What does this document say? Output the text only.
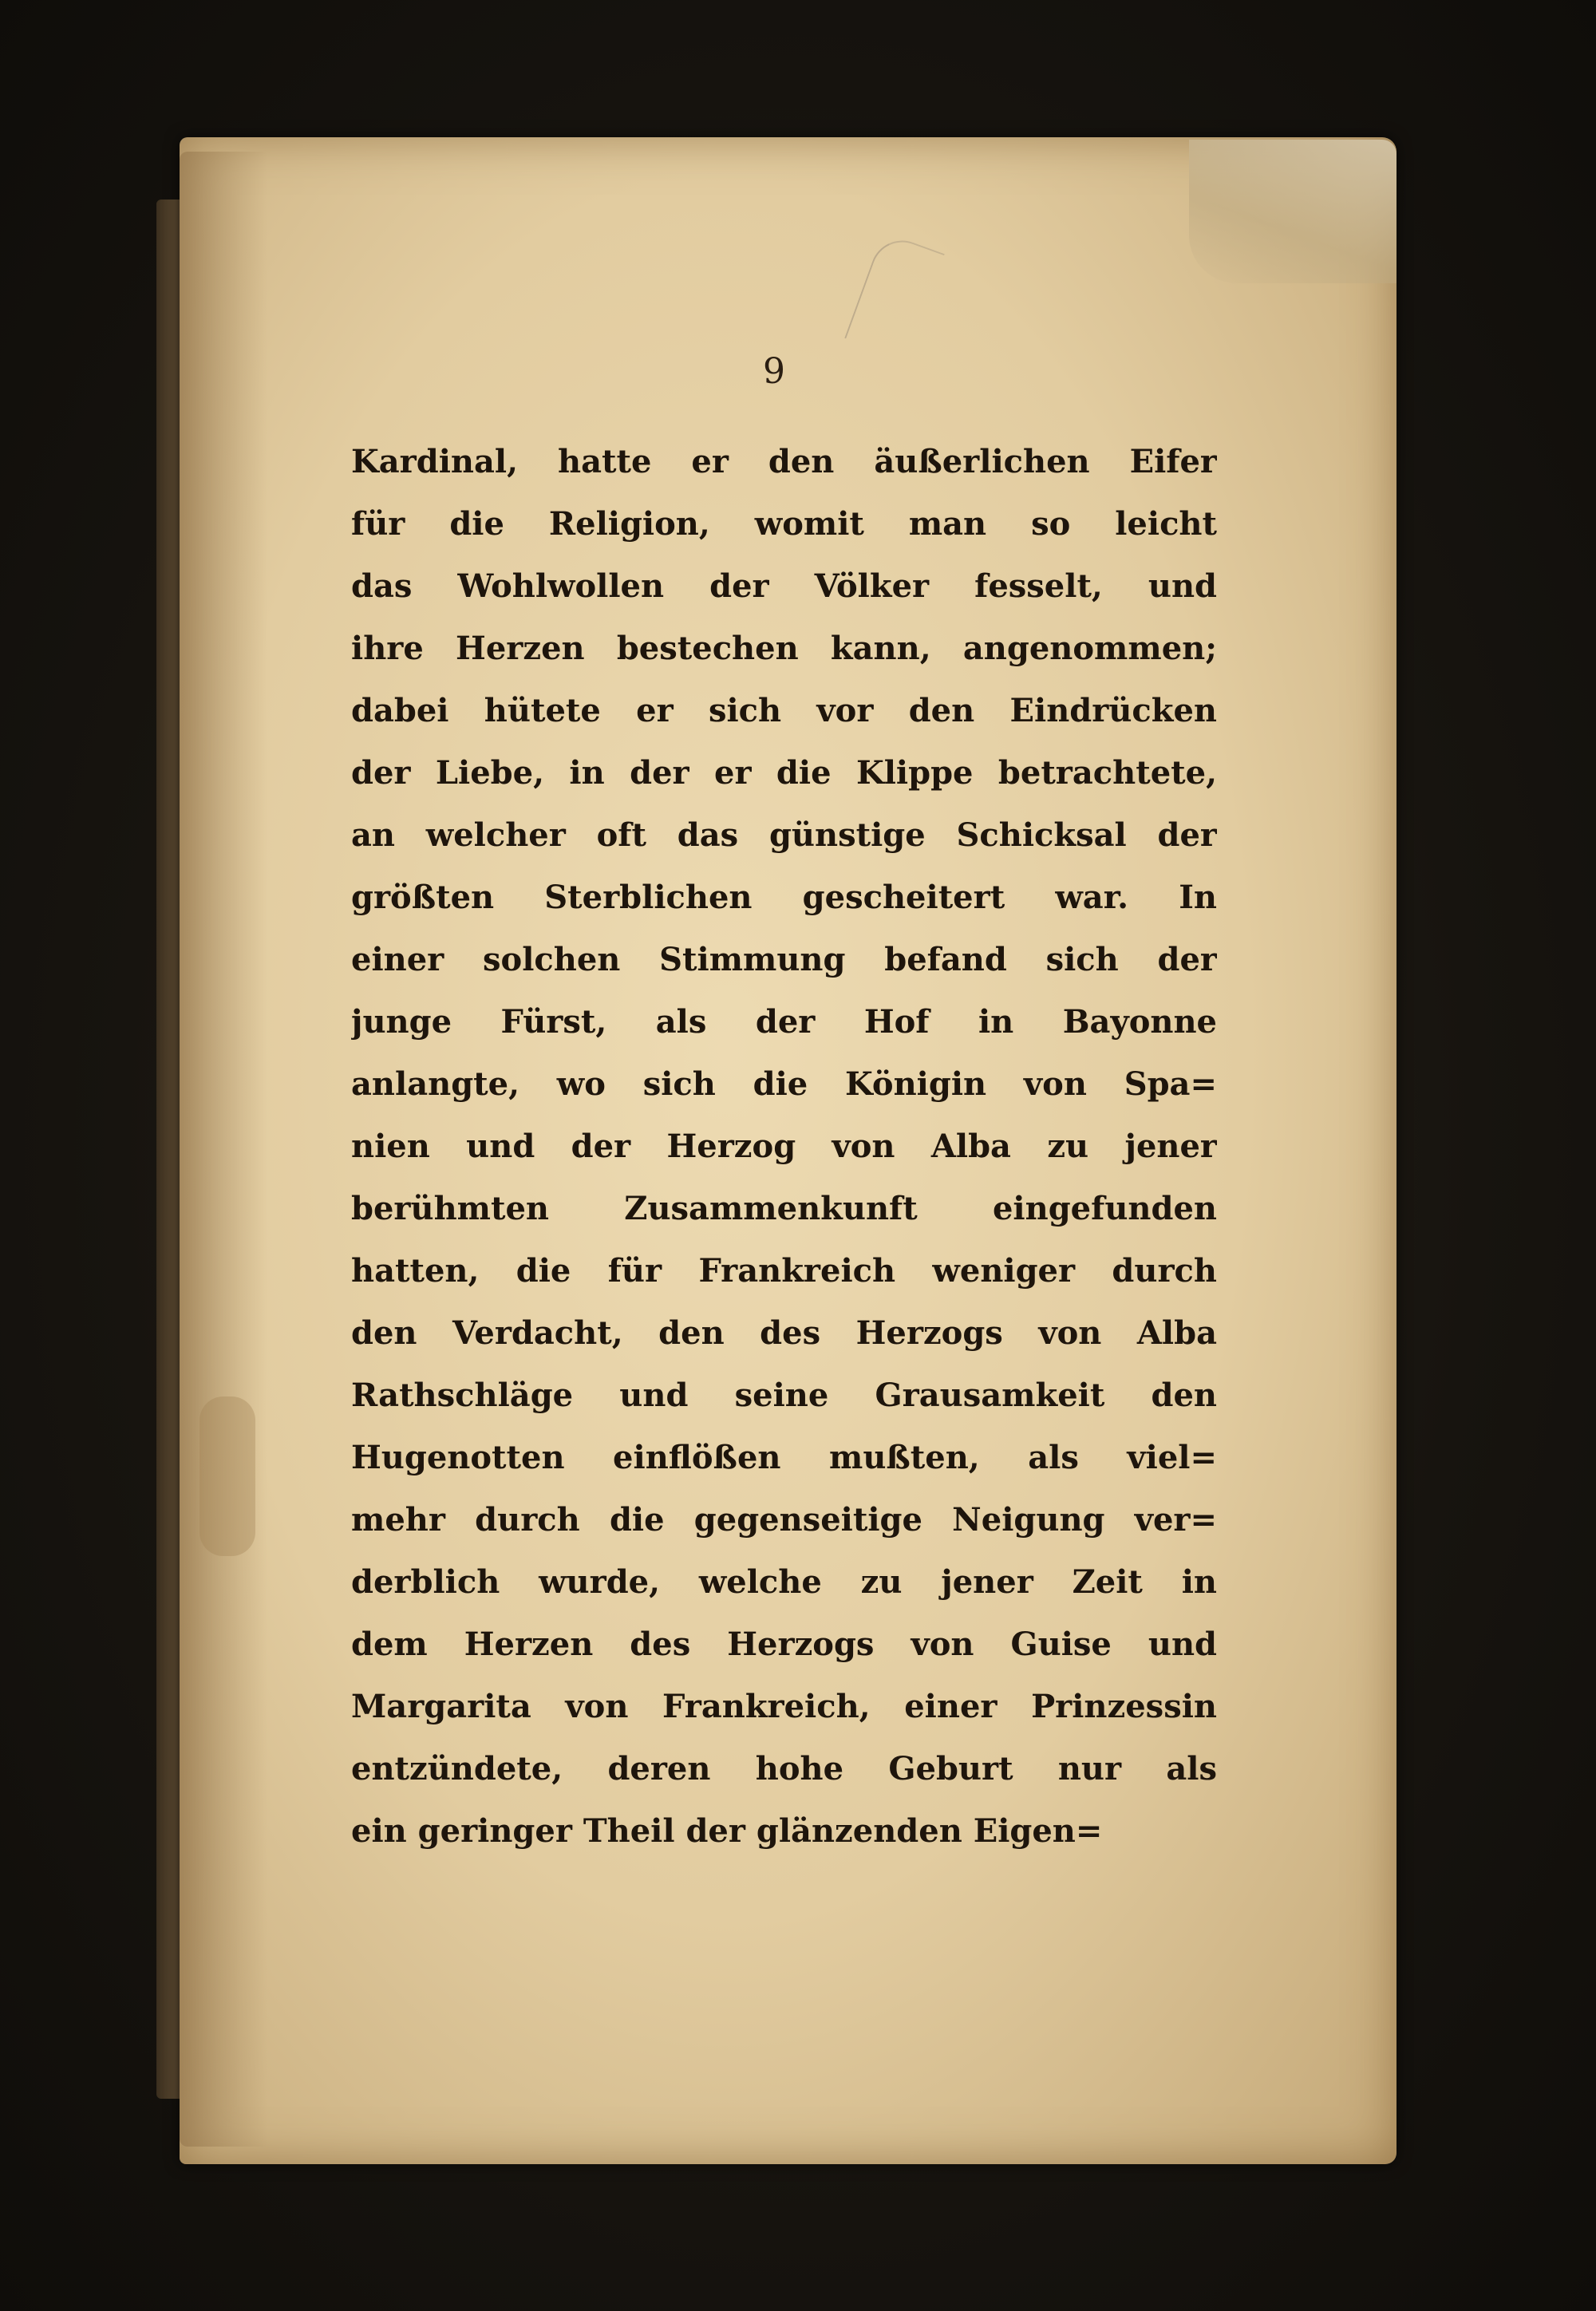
9
Kardinal, hatte er den äußerlichen Eifer
für die Religion, womit man so leicht
das Wohlwollen der Völker fesselt, und
ihre Herzen bestechen kann, angenommen;
dabei hütete er sich vor den Eindrücken
der Liebe, in der er die Klippe betrachtete,
an welcher oft das günstige Schicksal der
größten Sterblichen gescheitert war. In
einer solchen Stimmung befand sich der
junge Fürst, als der Hof in Bayonne
anlangte, wo sich die Königin von Spa=
nien und der Herzog von Alba zu jener
berühmten Zusammenkunft eingefunden
hatten, die für Frankreich weniger durch
den Verdacht, den des Herzogs von Alba
Rathschläge und seine Grausamkeit den
Hugenotten einflößen mußten, als viel=
mehr durch die gegenseitige Neigung ver=
derblich wurde, welche zu jener Zeit in
dem Herzen des Herzogs von Guise und
Margarita von Frankreich, einer Prinzessin
entzündete, deren hohe Geburt nur als
ein geringer Theil der glänzenden Eigen=
